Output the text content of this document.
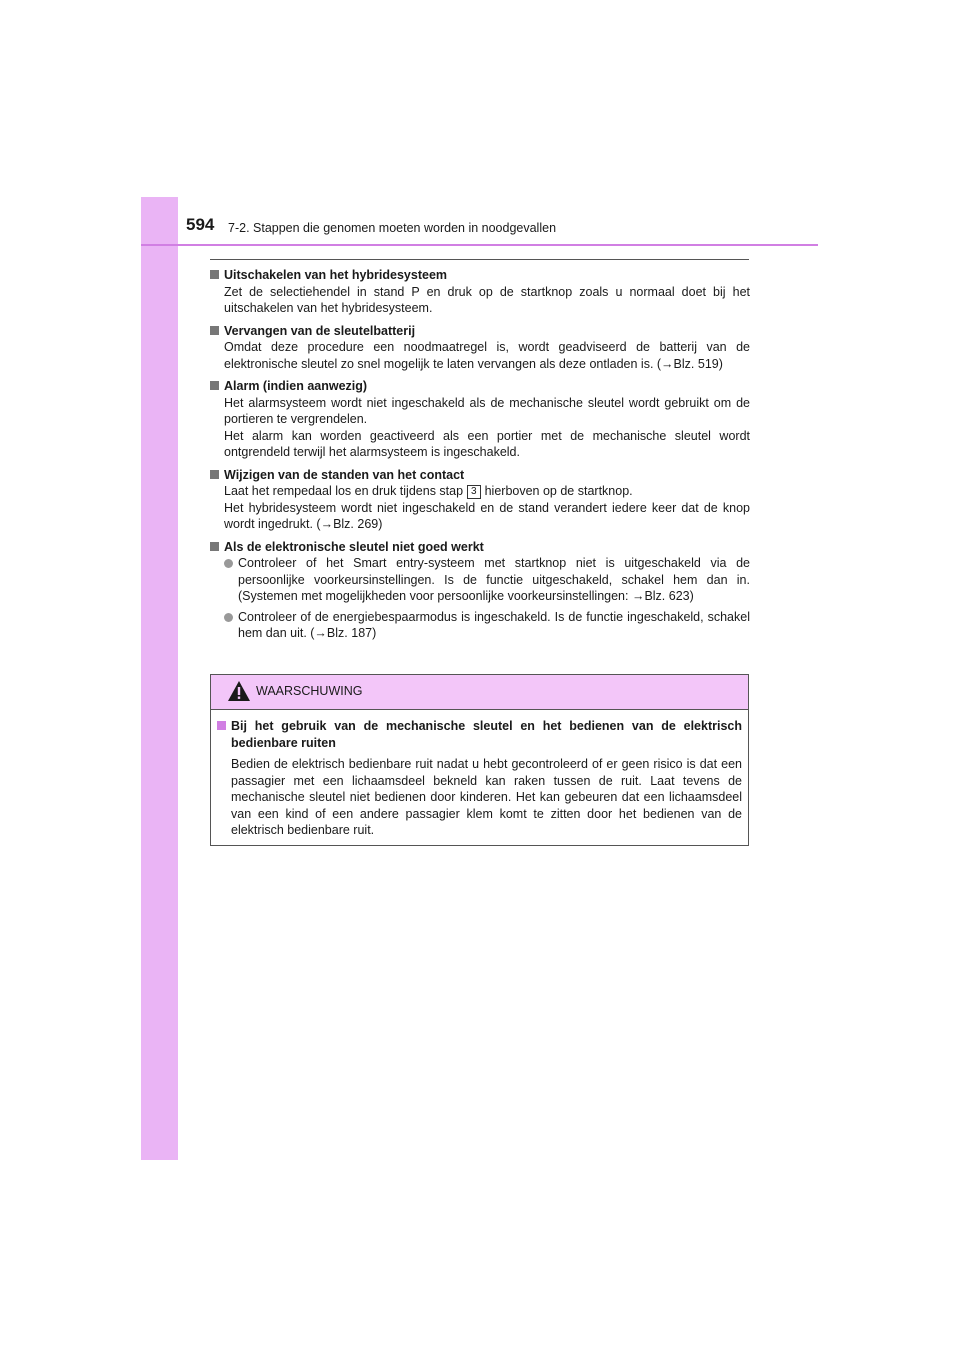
594 7-2. Stappen die genomen moeten worden in noodgevallen
Uitschakelen van het hybridesysteem
Zet de selectiehendel in stand P en druk op de startknop zoals u normaal doet bij het uitschakelen van het hybridesysteem.
Vervangen van de sleutelbatterij
Omdat deze procedure een noodmaatregel is, wordt geadviseerd de batterij van de elektronische sleutel zo snel mogelijk te laten vervangen als deze ontladen is. (→Blz. 519)
Alarm (indien aanwezig)
Het alarmsysteem wordt niet ingeschakeld als de mechanische sleutel wordt gebruikt om de portieren te vergrendelen.
Het alarm kan worden geactiveerd als een portier met de mechanische sleutel wordt ontgrendeld terwijl het alarmsysteem is ingeschakeld.
Wijzigen van de standen van het contact
Laat het rempedaal los en druk tijdens stap 3 hierboven op de startknop.
Het hybridesysteem wordt niet ingeschakeld en de stand verandert iedere keer dat de knop wordt ingedrukt. (→Blz. 269)
Als de elektronische sleutel niet goed werkt
Controleer of het Smart entry-systeem met startknop niet is uitgeschakeld via de persoonlijke voorkeursinstellingen. Is de functie uitgeschakeld, schakel hem dan in. (Systemen met mogelijkheden voor persoonlijke voorkeursinstellingen: →Blz. 623)
Controleer of de energiebespaarmodus is ingeschakeld. Is de functie ingeschakeld, schakel hem dan uit. (→Blz. 187)
WAARSCHUWING
Bij het gebruik van de mechanische sleutel en het bedienen van de elektrisch bedienbare ruiten
Bedien de elektrisch bedienbare ruit nadat u hebt gecontroleerd of er geen risico is dat een passagier met een lichaamsdeel bekneld kan raken tussen de ruit. Laat tevens de mechanische sleutel niet bedienen door kinderen. Het kan gebeuren dat een lichaamsdeel van een kind of een andere passagier klem komt te zitten door het bedienen van de elektrisch bedienbare ruit.
